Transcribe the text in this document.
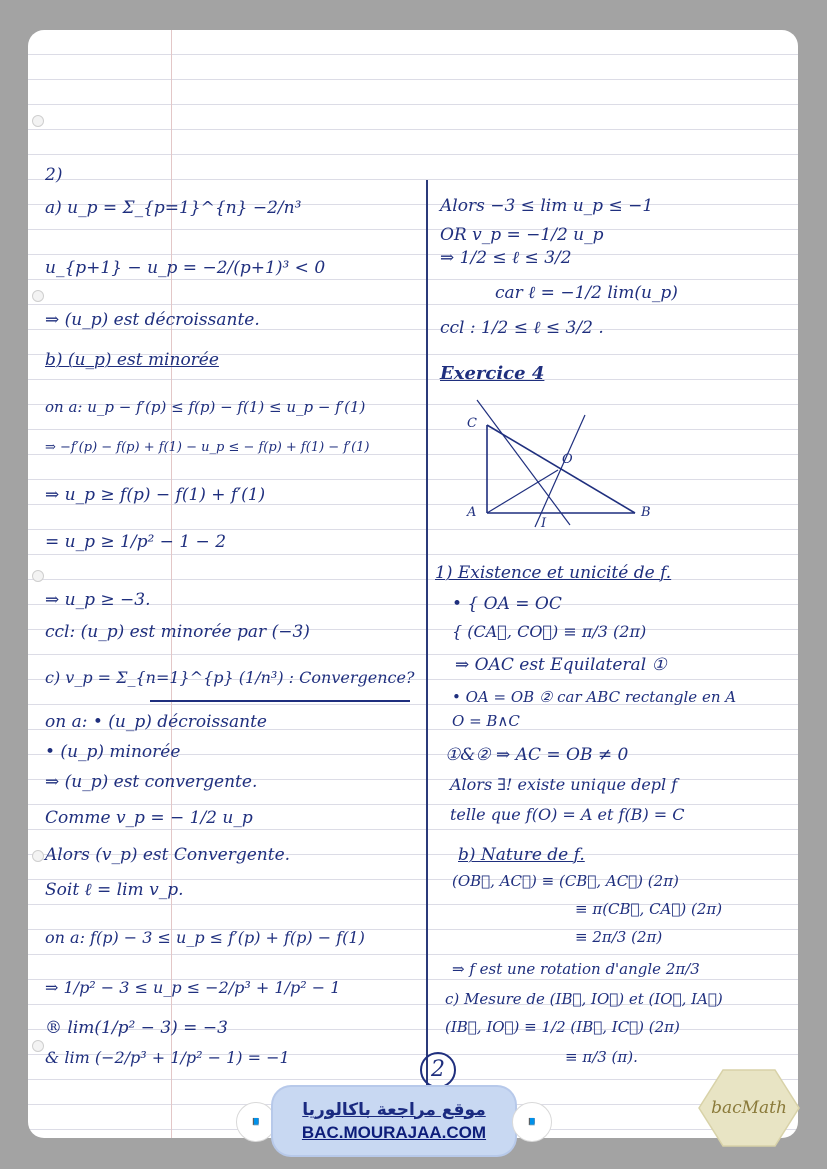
2)
a) u_p = Σ_{p=1}^{n} −2/n³
u_{p+1} − u_p = −2/(p+1)³ < 0
⇒ (u_p) est décroissante.
b) (u_p) est minorée
on a: u_p − f′(p) ≤ f(p) − f(1) ≤ u_p − f′(1)
⇒ −f′(p) − f(p) + f(1) − u_p ≤ − f(p) + f(1) − f′(1)
⇒ u_p ≥ f(p) − f(1) + f′(1)
= u_p ≥ 1/p² − 1 − 2
⇒ u_p ≥ −3.
ccl: (u_p) est minorée par (−3)
c) v_p = Σ_{n=1}^{p} (1/n³) : Convergence?
on a: • (u_p) décroissante
• (u_p) minorée
⇒ (u_p) est convergente.
Comme v_p = − 1/2 u_p
Alors (v_p) est Convergente.
Soit ℓ = lim v_p.
on a: f(p) − 3 ≤ u_p ≤ f′(p) + f(p) − f(1)
⇒ 1/p² − 3 ≤ u_p ≤ −2/p³ + 1/p² − 1
® lim(1/p² − 3) = −3
& lim (−2/p³ + 1/p² − 1) = −1
Alors −3 ≤ lim u_p ≤ −1
OR v_p = −1/2 u_p
⇒ 1/2 ≤ ℓ ≤ 3/2
car ℓ = −1/2 lim(u_p)
ccl : 1/2 ≤ ℓ ≤ 3/2 .
Exercice 4
C
O
A	B
I
1) Existence et unicité de f.
• { OA = OC
{ (CA⃗, CO⃗) ≡ π/3 (2π)
⇒ OAC est Equilateral ①
• OA = OB ② car ABC rectangle en A
O = B∧C
①&② ⇒ AC = OB ≠ 0
Alors ∃! existe unique depl f
telle que f(O) = A et f(B) = C
b) Nature de f.
(OB⃗, AC⃗) ≡ (CB⃗, AC⃗) (2π)
≡ π(CB⃗, CA⃗) (2π)
≡ 2π/3 (2π)
⇒ f est une rotation d'angle 2π/3
c) Mesure de (IB⃗, IO⃗) et (IO⃗, IA⃗)
(IB⃗, IO⃗) ≡ 1/2 (IB⃗, IC⃗) (2π)
≡ π/3 (π).
2
📘
موقع مراجعة باكالوريا
BAC.MOURAJAA.COM
📘
bacMath
